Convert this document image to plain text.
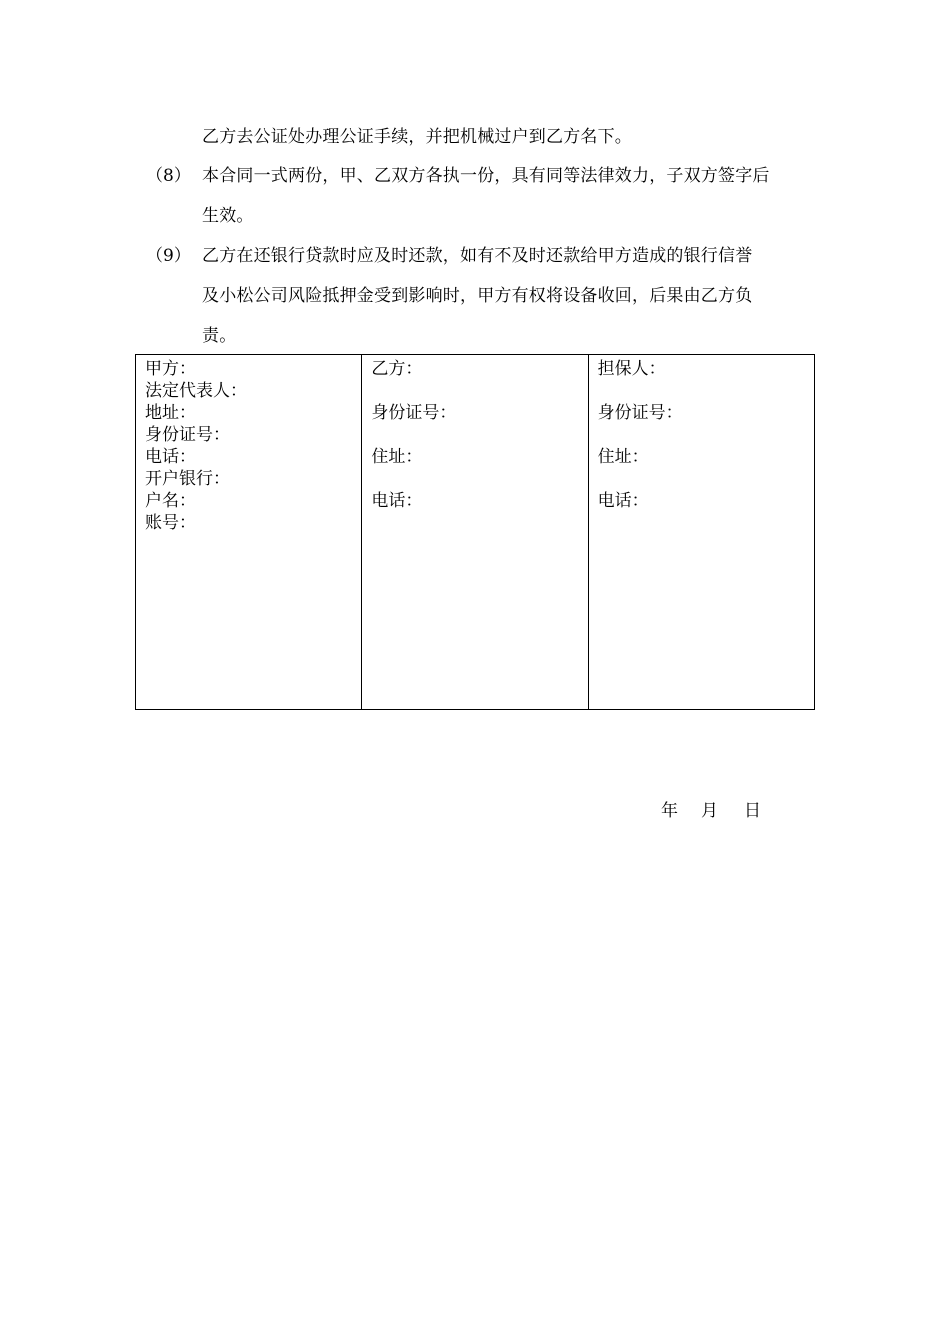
乙方去公证处办理公证手续，并把机械过户到乙方名下。
（8） 本合同一式两份，甲、乙双方各执一份，具有同等法律效力，子双方签字后
生效。
（9） 乙方在还银行贷款时应及时还款，如有不及时还款给甲方造成的银行信誉
及小松公司风险抵押金受到影响时，甲方有权将设备收回，后果由乙方负
责。
甲方：
法定代表人：
地址：
身份证号：
电话：
开户银行：
户名：
账号：
乙方：
身份证号：
住址：
电话：
担保人：
身份证号：
住址：
电话：
年 月 日
